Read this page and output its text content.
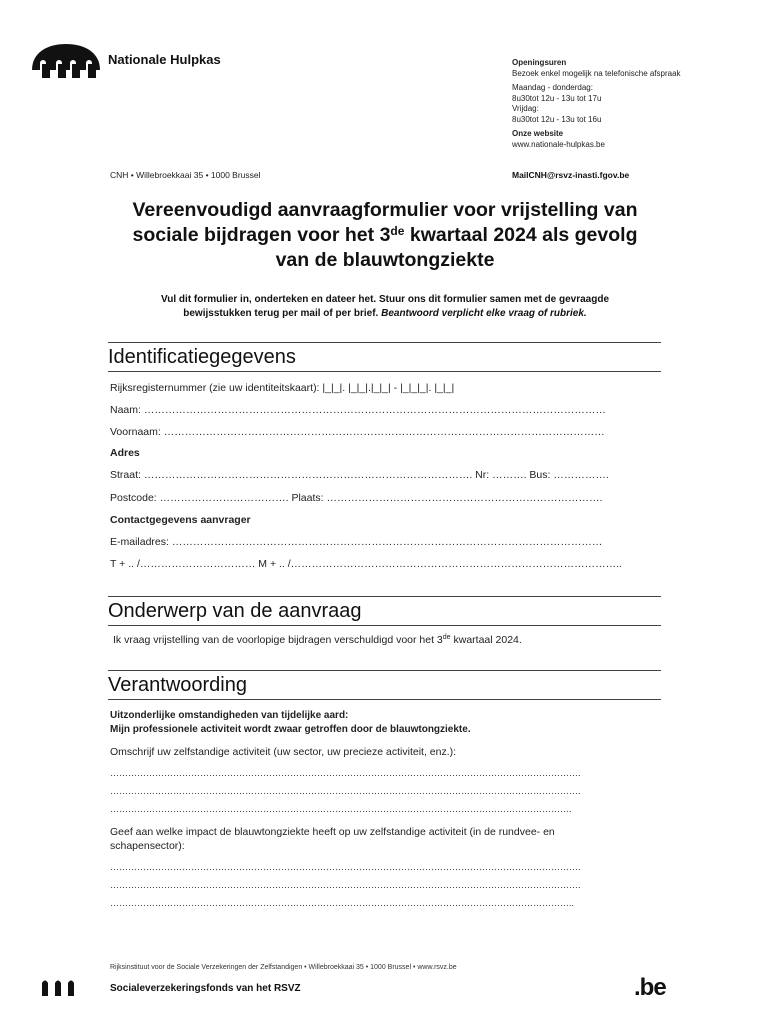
Nationale Hulpkas	Openingsuren
Bezoek enkel mogelijk na telefonische afspraak
Maandag - donderdag:
8u30tot 12u - 13u tot 17u
Vrijdag:
8u30tot 12u - 13u tot 16u
Onze website
www.nationale-hulpkas.be
CNH • Willebroekkaai 35 • 1000 Brussel	MailCNH@rsvz-inasti.fgov.be
Vereenvoudigd aanvraagformulier voor vrijstelling van
sociale bijdragen voor het 3de kwartaal 2024 als gevolg
van de blauwtongziekte
Vul dit formulier in, onderteken en dateer het. Stuur ons dit formulier samen met de gevraagde
bewijsstukken terug per mail of per brief. Beantwoord verplicht elke vraag of rubriek.
Identificatiegegevens
Rijksregisternummer (zie uw identiteitskaart): |_|_|. |_|_|.|_|_| - |_|_|_|. |_|_|
Naam: ……………………………………………………………………………………………………………………
Voornaam: ………………………………………………………………………………………………………………
Adres
Straat: …………………………………………………………………………………. Nr: ………. Bus: …………….
Postcode: ………………………………. Plaats: …………………………………………………………………….
Contactgegevens aanvrager
E-mailadres: ……………………………………………………………………………………………………………
T + .. /…………………………… M + .. /…………………………………………………………………………………..
Onderwerp van de aanvraag
Ik vraag vrijstelling van de voorlopige bijdragen verschuldigd voor het 3de kwartaal 2024.
Verantwoording
Uitzonderlijke omstandigheden van tijdelijke aard:
Mijn professionele activiteit wordt zwaar getroffen door de blauwtongziekte.
Omschrijf uw zelfstandige activiteit (uw sector, uw precieze activiteit, enz.):
………………………………………………………………………………………………………………………………………….
………………………………………………………………………………………………………………………………………….
……………………………………………………………………………………………………………………………………….
Geef aan welke impact de blauwtongziekte heeft op uw zelfstandige activiteit (in de rundvee- en
schapensector):
………………………………………………………………………………………………………………………………………….
………………………………………………………………………………………………………………………………………….
………………………………………………………………………………………………………………………………………..
Rijksinstituut voor de Sociale Verzekeringen der Zelfstandigen • Willebroekkaai 35 • 1000 Brussel • www.rsvz.be
Socialeverzekeringsfonds van het RSVZ	.be
